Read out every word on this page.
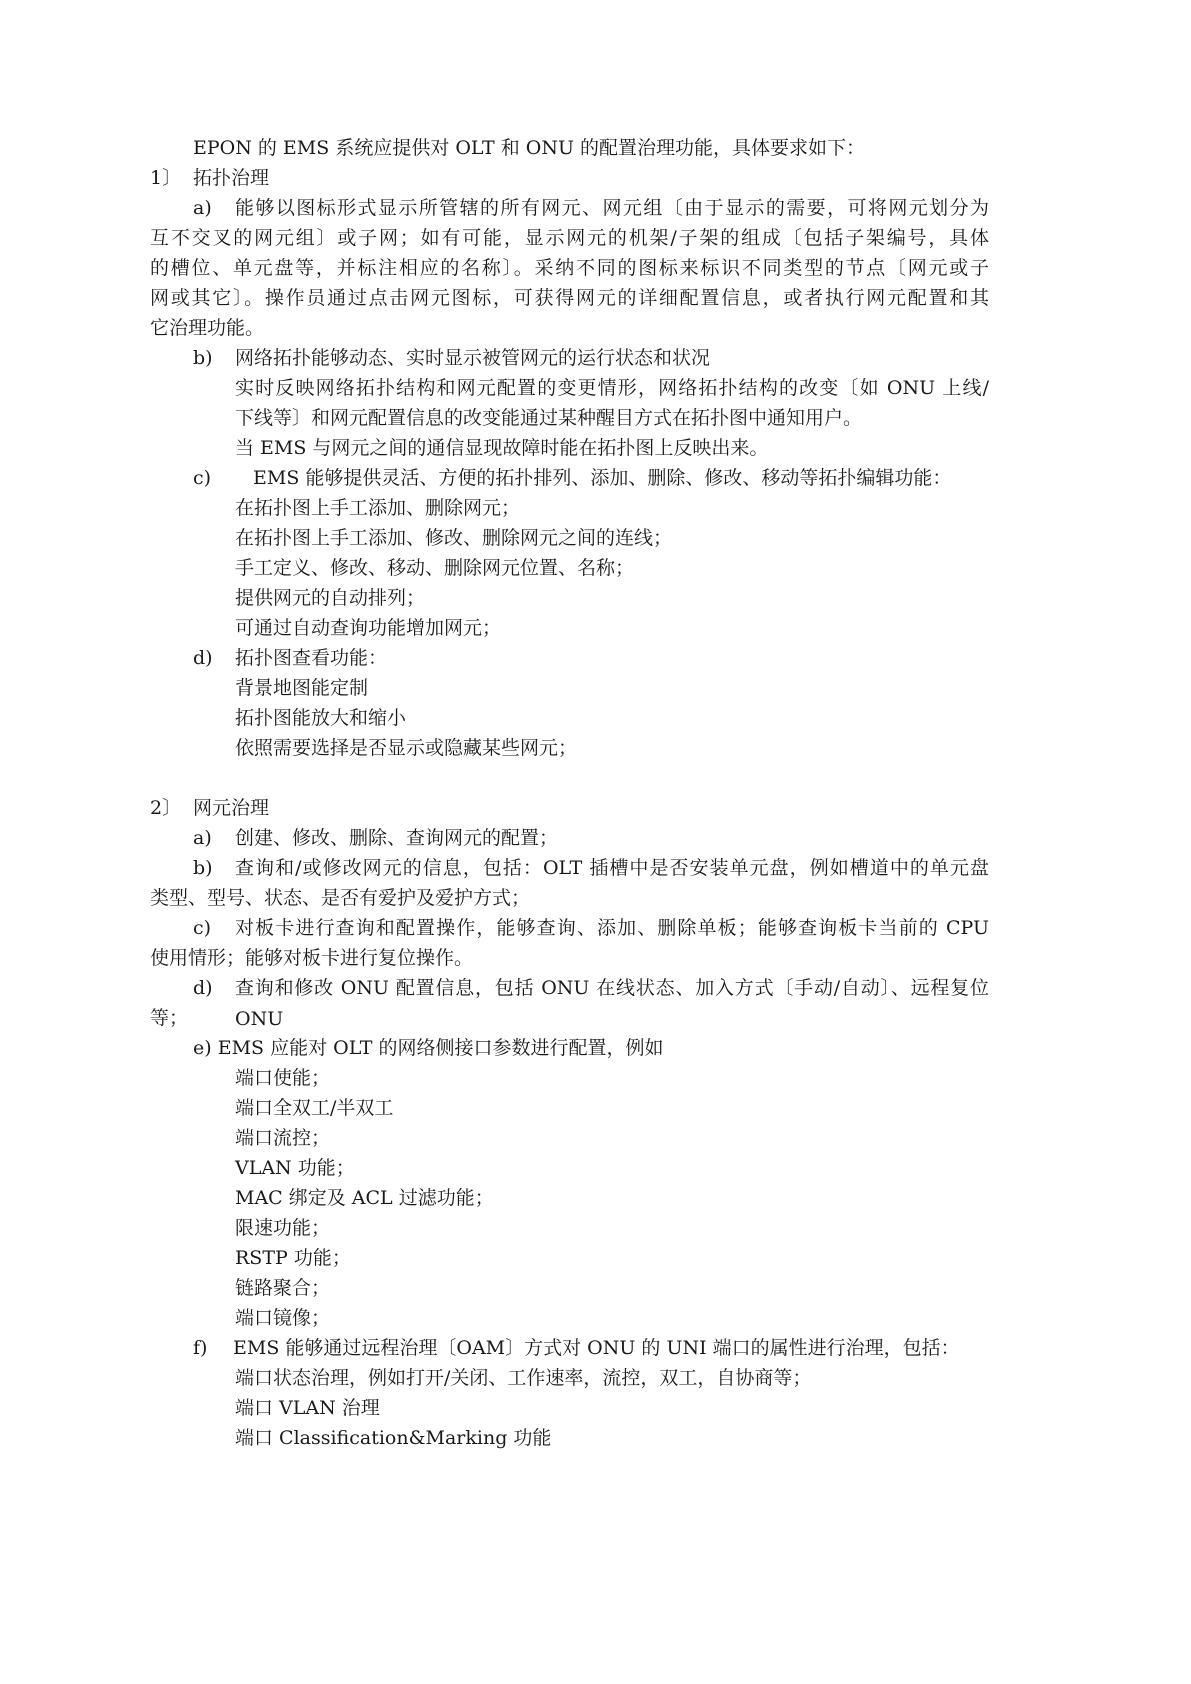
EPON 的 EMS 系统应提供对 OLT 和 ONU 的配置治理功能，具体要求如下：
1〕 拓扑治理
a) 能够以图标形式显示所管辖的所有网元、网元组〔由于显示的需要，可将网元划分为
互不交叉的网元组〕或子网；如有可能，显示网元的机架/子架的组成〔包括子架编号，具体
的槽位、单元盘等，并标注相应的名称〕。采纳不同的图标来标识不同类型的节点〔网元或子
网或其它〕。操作员通过点击网元图标，可获得网元的详细配置信息，或者执行网元配置和其
它治理功能。
b) 网络拓扑能够动态、实时显示被管网元的运行状态和状况
实时反映网络拓扑结构和网元配置的变更情形，网络拓扑结构的改变〔如 ONU 上线/
下线等〕和网元配置信息的改变能通过某种醒目方式在拓扑图中通知用户。
当 EMS 与网元之间的通信显现故障时能在拓扑图上反映出来。
c) EMS 能够提供灵活、方便的拓扑排列、添加、删除、修改、移动等拓扑编辑功能：
在拓扑图上手工添加、删除网元；
在拓扑图上手工添加、修改、删除网元之间的连线；
手工定义、修改、移动、删除网元位置、名称；
提供网元的自动排列；
可通过自动查询功能增加网元；
d) 拓扑图查看功能：
背景地图能定制
拓扑图能放大和缩小
依照需要选择是否显示或隐藏某些网元；
2〕 网元治理
a) 创建、修改、删除、查询网元的配置；
b) 查询和/或修改网元的信息，包括：OLT 插槽中是否安装单元盘，例如槽道中的单元盘
类型、型号、状态、是否有爱护及爱护方式；
c) 对板卡进行查询和配置操作，能够查询、添加、删除单板；能够查询板卡当前的 CPU
使用情形；能够对板卡进行复位操作。
d) 查询和修改 ONU 配置信息，包括 ONU 在线状态、加入方式〔手动/自动〕、远程复位 ONU
等；
e) EMS 应能对 OLT 的网络侧接口参数进行配置，例如
端口使能；
端口全双工/半双工
端口流控；
VLAN 功能；
MAC 绑定及 ACL 过滤功能；
限速功能；
RSTP 功能；
链路聚合；
端口镜像；
f) EMS 能够通过远程治理〔OAM〕方式对 ONU 的 UNI 端口的属性进行治理，包括：
端口状态治理，例如打开/关闭、工作速率，流控，双工，自协商等；
端口 VLAN 治理
端口 Classification&Marking 功能
